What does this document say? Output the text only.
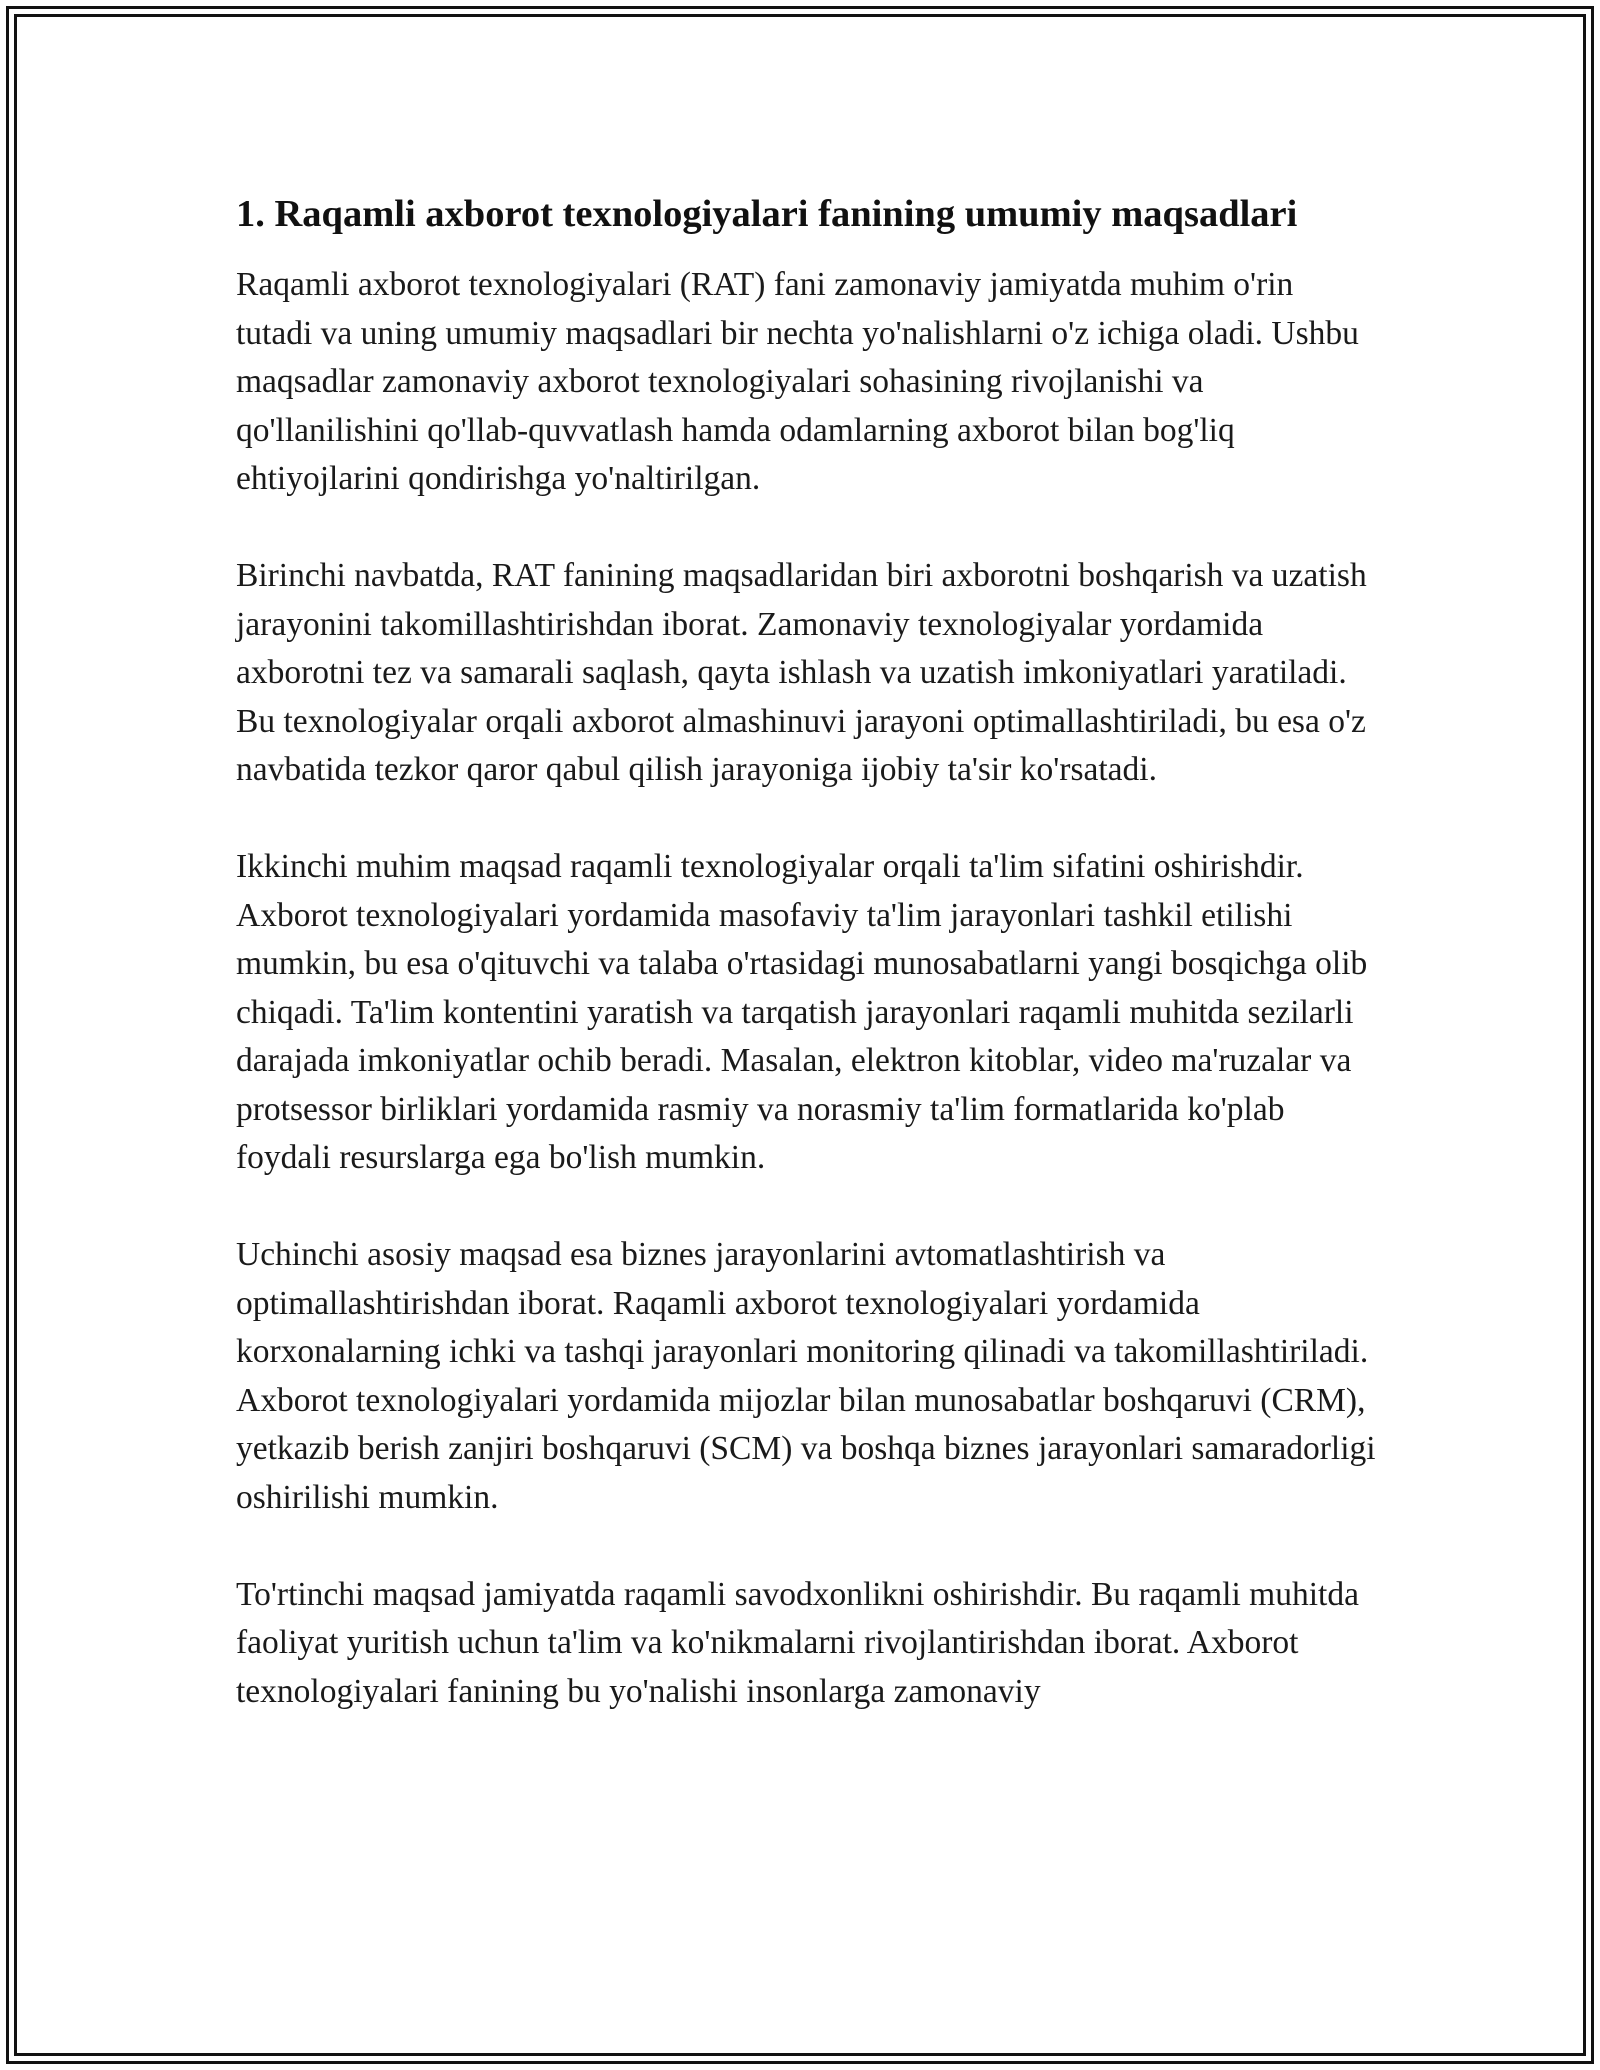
1. Raqamli axborot texnologiyalari fanining umumiy maqsadlari

Raqamli axborot texnologiyalari (RAT) fani zamonaviy jamiyatda muhim o'rin tutadi va uning umumiy maqsadlari bir nechta yo'nalishlarni o'z ichiga oladi. Ushbu maqsadlar zamonaviy axborot texnologiyalari sohasining rivojlanishi va qo'llanilishini qo'llab-quvvatlash hamda odamlarning axborot bilan bog'liq ehtiyojlarini qondirishga yo'naltirilgan.

Birinchi navbatda, RAT fanining maqsadlaridan biri axborotni boshqarish va uzatish jarayonini takomillashtirishdan iborat. Zamonaviy texnologiyalar yordamida axborotni tez va samarali saqlash, qayta ishlash va uzatish imkoniyatlari yaratiladi. Bu texnologiyalar orqali axborot almashinuvi jarayoni optimallashtiriladi, bu esa o'z navbatida tezkor qaror qabul qilish jarayoniga ijobiy ta'sir ko'rsatadi.

Ikkinchi muhim maqsad raqamli texnologiyalar orqali ta'lim sifatini oshirishdir. Axborot texnologiyalari yordamida masofaviy ta'lim jarayonlari tashkil etilishi mumkin, bu esa o'qituvchi va talaba o'rtasidagi munosabatlarni yangi bosqichga olib chiqadi. Ta'lim kontentini yaratish va tarqatish jarayonlari raqamli muhitda sezilarli darajada imkoniyatlar ochib beradi. Masalan, elektron kitoblar, video ma'ruzalar va protsessor birliklari yordamida rasmiy va norasmiy ta'lim formatlarida ko'plab foydali resurslarga ega bo'lish mumkin.

Uchinchi asosiy maqsad esa biznes jarayonlarini avtomatlashtirish va optimallashtirishdan iborat. Raqamli axborot texnologiyalari yordamida korxonalarning ichki va tashqi jarayonlari monitoring qilinadi va takomillashtiriladi. Axborot texnologiyalari yordamida mijozlar bilan munosabatlar boshqaruvi (CRM), yetkazib berish zanjiri boshqaruvi (SCM) va boshqa biznes jarayonlari samaradorligi oshirilishi mumkin.

To'rtinchi maqsad jamiyatda raqamli savodxonlikni oshirishdir. Bu raqamli muhitda faoliyat yuritish uchun ta'lim va ko'nikmalarni rivojlantirishdan iborat. Axborot texnologiyalari fanining bu yo'nalishi insonlarga zamonaviy
